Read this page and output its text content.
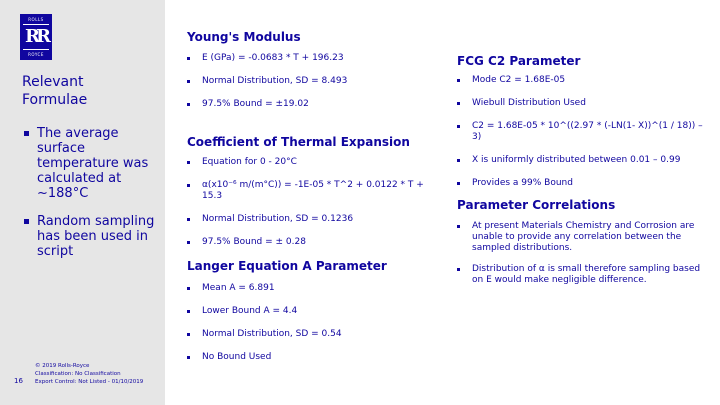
ROLLS
RR
ROYCE
Relevant Formulae
The average surface temperature was calculated at ~188°C
Random sampling has been used in script
16
© 2019 Rolls-Royce
Classification: No Classification
Export Control: Not Listed - 01/10/2019
Young's Modulus
E (GPa) = -0.0683 * T + 196.23
Normal Distribution, SD = 8.493
97.5% Bound = ±19.02
Coefficient of Thermal Expansion
Equation for 0 - 20°C
α(x10⁻⁶ m/(m°C)) = -1E-05 * T^2 + 0.0122 * T + 15.3
Normal Distribution, SD = 0.1236
97.5% Bound = ± 0.28
Langer Equation A Parameter
Mean A = 6.891
Lower Bound A = 4.4
Normal Distribution, SD = 0.54
No Bound Used
FCG C2 Parameter
Mode C2 = 1.68E-05
Wiebull Distribution Used
C2 = 1.68E-05 * 10^((2.97 * (-LN(1- X))^(1 / 18)) – 3)
X is uniformly distributed between 0.01 – 0.99
Provides a 99% Bound
Parameter Correlations
At present Materials Chemistry and Corrosion are unable to provide any correlation between the sampled distributions.
Distribution of α is small therefore sampling based on E would make negligible difference.
